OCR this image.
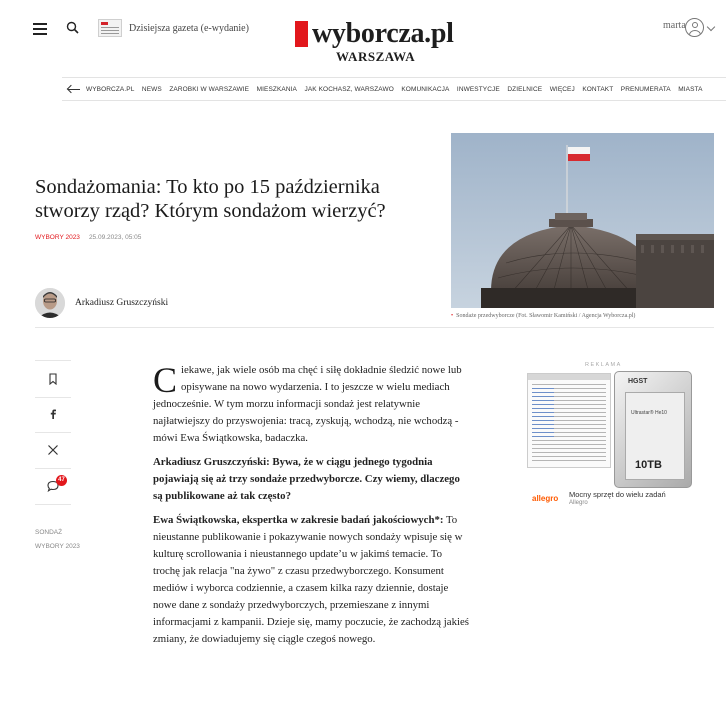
Dzisiejsza gazeta (e-wydanie) wyborcza.pl
WARSZAWA
marta
WYBORCZA.PL NEWS ZAROBKI W WARSZAWIE MIESZKANIA JAK KOCHASZ, WARSZAWO KOMUNIKACJA INWESTYCJE DZIELNICE WIĘCEJ KONTAKT PRENUMERATA MIASTA
Sondażomania: To kto po 15 października stworzy rząd? Którym sondażom wierzyć?
WYBORY 2023 25.09.2023, 05:05
Arkadiusz Gruszczyński
• Sondaże przedwyborcze (Fot. Sławomir Kamiński / Agencja Wyborcza.pl)
47
SONDAŻ
WYBORY 2023

Ciekawe, jak wiele osób ma chęć i siłę dokładnie śledzić nowe lub opisywane na nowo wydarzenia. I to jeszcze w wielu mediach jednocześnie. W tym morzu informacji sondaż jest relatywnie najłatwiejszy do przyswojenia: tracą, zyskują, wchodzą, nie wchodzą - mówi Ewa Świątkowska, badaczka.

Arkadiusz Gruszczyński: Bywa, że w ciągu jednego tygodnia pojawiają się aż trzy sondaże przedwyborcze. Czy wiemy, dlaczego są publikowane aż tak często?

Ewa Świątkowska, ekspertka w zakresie badań jakościowych*: To nieustanne publikowanie i pokazywanie nowych sondaży wpisuje się w kulturę scrollowania i nieustannego update’u w jakimś temacie. To trochę jak relacja "na żywo" z czasu przedwyborczego. Konsument mediów i wyborca codziennie, a czasem kilka razy dziennie, dostaje nowe dane z sondaży przedwyborczych, przemieszane z innymi informacjami z kampanii. Dzieje się, mamy poczucie, że zachodzą jakieś zmiany, że dowiadujemy się ciągle czegoś nowego.

REKLAMA
HGST
Ultrastar® He10
10TB
allegro Mocny sprzęt do wielu zadań
Allegro
